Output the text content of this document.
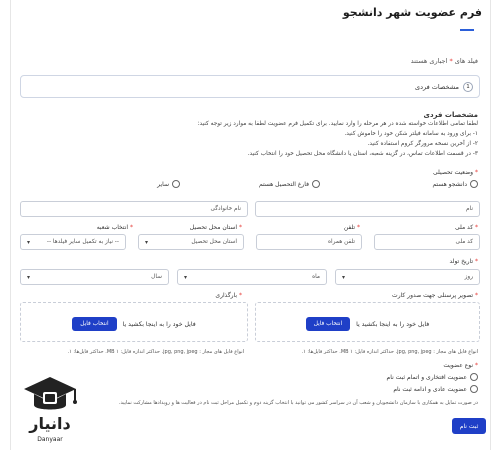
فرم عضویت شهر دانشجو
فیلد های * اجباری هستند
1
مشخصات فردی
مشخصات فردی
لطفا تمامی اطلاعات خواسته شده در هر مرحله را وارد نمایید. برای تکمیل فرم عضویت لطفا به موارد زیر توجه کنید:
۱- برای ورود به سامانه فیلتر شکن خود را خاموش کنید.
۲- از آخرین نسخه مرورگر کروم استفاده کنید.
۳- در قسمت اطلاعات تماس، در گزینه شعبه، استان یا دانشگاه محل تحصیل خود را انتخاب کنید.
* وضعیت تحصیلی
دانشجو هستم
فارغ التحصیل هستم
سایر
نام
نام خانوادگی
* کد ملی
* تلفن
* استان محل تحصیل
* انتخاب شعبه
کد ملی
تلفن همراه
استان محل تحصیل
▾
-- نیاز به تکمیل سایر فیلدها --
▾
* تاریخ تولد
روز
▾
ماه
▾
سال
▾
* تصویر پرسنلی جهت صدور کارت
* بارگذاری
فایل خود را به اینجا بکشید یا
انتخاب فایل
فایل خود را به اینجا بکشید یا
انتخاب فایل
انواع فایل های مجاز : jpg, png, jpeg. حداکثر اندازه فایل: ۱ MB. حداکثر فایل‌ها: ۱.
انواع فایل های مجاز : jpg, png, jpeg. حداکثر اندازه فایل: ۱ MB. حداکثر فایل‌ها: ۱.
* نوع عضویت
عضویت افتخاری و اتمام ثبت نام
عضویت عادی و ادامه ثبت نام
در صورت تمایل به همکاری با سازمان دانشجویان و شعب آن در سراسر کشور می توانید با انتخاب گزینه دوم و تکمیل مراحل ثبت نام در فعالیت ها و رویدادها مشارکت نمایید.
ثبت نام
دانیار
Danyaar
